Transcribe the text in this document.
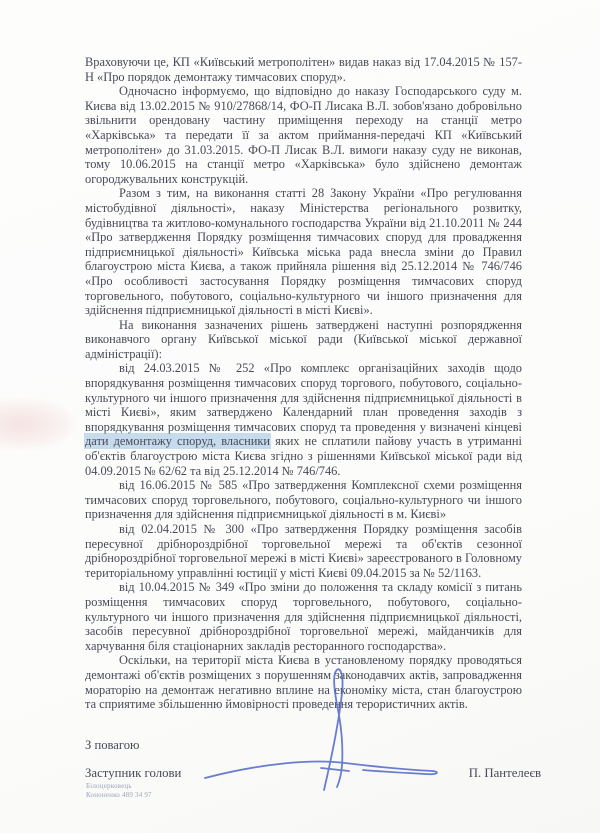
Враховуючи це, КП «Київський метрополітен» видав наказ від 17.04.2015 № 157-Н «Про порядок демонтажу тимчасових споруд».

Одночасно інформуємо, що відповідно до наказу Господарського суду м. Києва від 13.02.2015 № 910/27868/14, ФО-П Лисака В.Л. зобов'язано добровільно звільнити орендовану частину приміщення переходу на станції метро «Харківська» та передати її за актом приймання-передачі КП «Київський метрополітен» до 31.03.2015. ФО-П Лисак В.Л. вимоги наказу суду не виконав, тому 10.06.2015 на станції метро «Харківська» було здійснено демонтаж огороджувальних конструкцій.

Разом з тим, на виконання статті 28 Закону України «Про регулювання містобудівної діяльності», наказу Міністерства регіонального розвитку, будівництва та житлово-комунального господарства України від 21.10.2011 № 244 «Про затвердження Порядку розміщення тимчасових споруд для провадження підприємницької діяльності» Київська міська рада внесла зміни до Правил благоустрою міста Києва, а також прийняла рішення від 25.12.2014 № 746/746 «Про особливості застосування Порядку розміщення тимчасових споруд торговельного, побутового, соціально-культурного чи іншого призначення для здійснення підприємницької діяльності в місті Києві».

На виконання зазначених рішень затверджені наступні розпорядження виконавчого органу Київської міської ради (Київської міської державної адміністрації):

від 24.03.2015 № 252 «Про комплекс організаційних заходів щодо впорядкування розміщення тимчасових споруд торгового, побутового, соціально-культурного чи іншого призначення для здійснення підприємницької діяльності в місті Києві», яким затверджено Календарний план проведення заходів з впорядкування розміщення тимчасових споруд та проведення у визначені кінцеві дати демонтажу споруд, власники яких не сплатили пайову участь в утриманні об'єктів благоустрою міста Києва згідно з рішеннями Київської міської ради від 04.09.2015 № 62/62 та від 25.12.2014 № 746/746.

від 16.06.2015 № 585 «Про затвердження Комплексної схеми розміщення тимчасових споруд торговельного, побутового, соціально-культурного чи іншого призначення для здійснення підприємницької діяльності в м. Києві»

від 02.04.2015 № 300 «Про затвердження Порядку розміщення засобів пересувної дрібнороздрібної торговельної мережі та об'єктів сезонної дрібнороздрібної торговельної мережі в місті Києві» зареєстрованого в Головному територіальному управлінні юстиції у місті Києві 09.04.2015 за № 52/1163.

від 10.04.2015 № 349 «Про зміни до положення та складу комісії з питань розміщення тимчасових споруд торговельного, побутового, соціально-культурного чи іншого призначення для здійснення підприємницької діяльності, засобів пересувної дрібнороздрібної торговельної мережі, майданчиків для харчування біля стаціонарних закладів ресторанного господарства».

Оскільки, на території міста Києва в установленому порядку проводяться демонтажі об'єктів розміщених з порушенням законодавчих актів, запровадження мораторію на демонтаж негативно вплине на економіку міста, стан благоустрою та сприятиме збільшенню ймовірності проведення терористичних актів.

З повагою
Заступник голови	П. Пантелеєв
Білоцерковець
Кононенко 489 34 97
